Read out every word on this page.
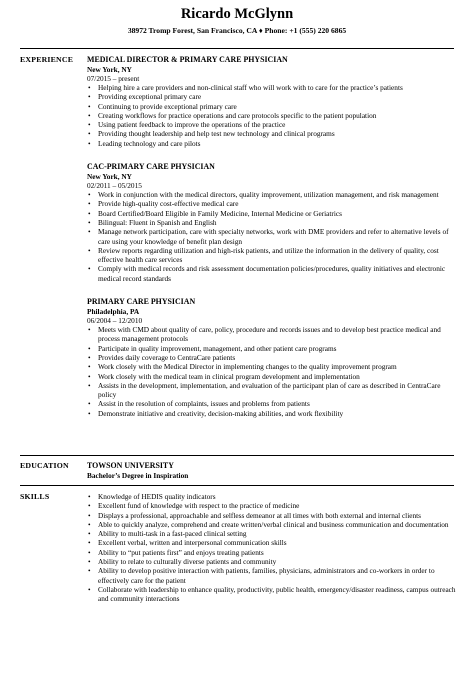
Ricardo McGlynn
38972 Tromp Forest, San Francisco, CA ♦ Phone: +1 (555) 220 6865
EXPERIENCE	MEDICAL DIRECTOR & PRIMARY CARE PHYSICIAN
New York, NY
07/2015 – present
• Helping hire a care providers and non-clinical staff who will work with to care for the practice’s patients
• Providing exceptional primary care
• Continuing to provide exceptional primary care
• Creating workflows for practice operations and care protocols specific to the patient population
• Using patient feedback to improve the operations of the practice
• Providing thought leadership and help test new technology and clinical programs
• Leading technology and care pilots
CAC-PRIMARY CARE PHYSICIAN
New York, NY
02/2011 – 05/2015
• Work in conjunction with the medical directors, quality improvement, utilization management, and risk management
• Provide high-quality cost-effective medical care
• Board Certified/Board Eligible in Family Medicine, Internal Medicine or Geriatrics
• Bilingual: Fluent in Spanish and English
• Manage network participation, care with specialty networks, work with DME providers and refer to alternative levels of care using your knowledge of benefit plan design
• Review reports regarding utilization and high-risk patients, and utilize the information in the delivery of quality, cost effective health care services
• Comply with medical records and risk assessment documentation policies/procedures, quality initiatives and electronic medical record standards
PRIMARY CARE PHYSICIAN
Philadelphia, PA
06/2004 – 12/2010
• Meets with CMD about quality of care, policy, procedure and records issues and to develop best practice medical and process management protocols
• Participate in quality improvement, management, and other patient care programs
• Provides daily coverage to CentraCare patients
• Work closely with the Medical Director in implementing changes to the quality improvement program
• Work closely with the medical team in clinical program development and implementation
• Assists in the development, implementation, and evaluation of the participant plan of care as described in CentraCare policy
• Assist in the resolution of complaints, issues and problems from patients
• Demonstrate initiative and creativity, decision-making abilities, and work flexibility
EDUCATION	TOWSON UNIVERSITY
Bachelor’s Degree in Inspiration
SKILLS
•	Knowledge of HEDIS quality indicators
• Excellent fund of knowledge with respect to the practice of medicine
• Displays a professional, approachable and selfless demeanor at all times with both external and internal clients
• Able to quickly analyze, comprehend and create written/verbal clinical and business communication and documentation
• Ability to multi-task in a fast-paced clinical setting
• Excellent verbal, written and interpersonal communication skills
• Ability to “put patients first” and enjoys treating patients
• Ability to relate to culturally diverse patients and community
• Ability to develop positive interaction with patients, families, physicians, administrators and co-workers in order to effectively care for the patient
• Collaborate with leadership to enhance quality, productivity, public health, emergency/disaster readiness, campus outreach and community interactions
